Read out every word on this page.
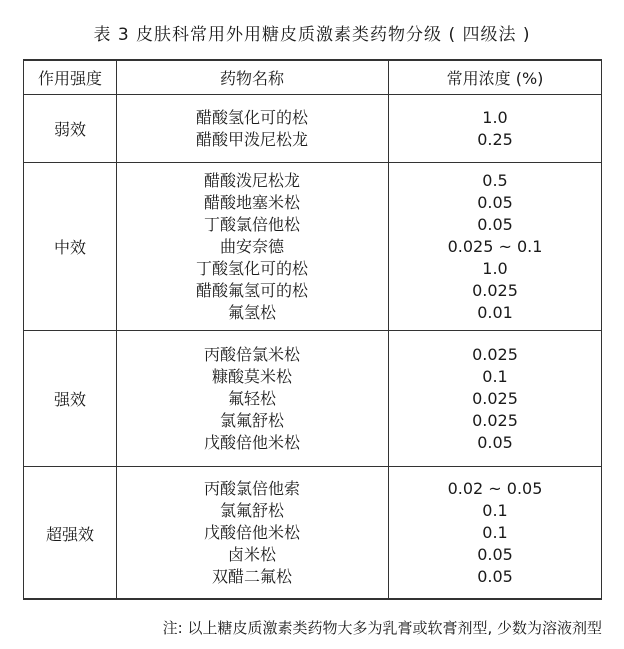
表 3 皮肤科常用外用糖皮质激素类药物分级 ( 四级法 )
作用强度	药物名称	常用浓度 (%)
弱效
醋酸氢化可的松
醋酸甲泼尼松龙
1.0
0.25
中效
醋酸泼尼松龙
醋酸地塞米松
丁酸氯倍他松
曲安奈德
丁酸氢化可的松
醋酸氟氢可的松
氟氢松
0.5
0.05
0.05
0.025 ~ 0.1
1.0
0.025
0.01
强效
丙酸倍氯米松
糠酸莫米松
氟轻松
氯氟舒松
戊酸倍他米松
0.025
0.1
0.025
0.025
0.05
超强效
丙酸氯倍他索
氯氟舒松
戊酸倍他米松
卤米松
双醋二氟松
0.02 ~ 0.05
0.1
0.1
0.05
0.05
注: 以上糖皮质激素类药物大多为乳膏或软膏剂型, 少数为溶液剂型
